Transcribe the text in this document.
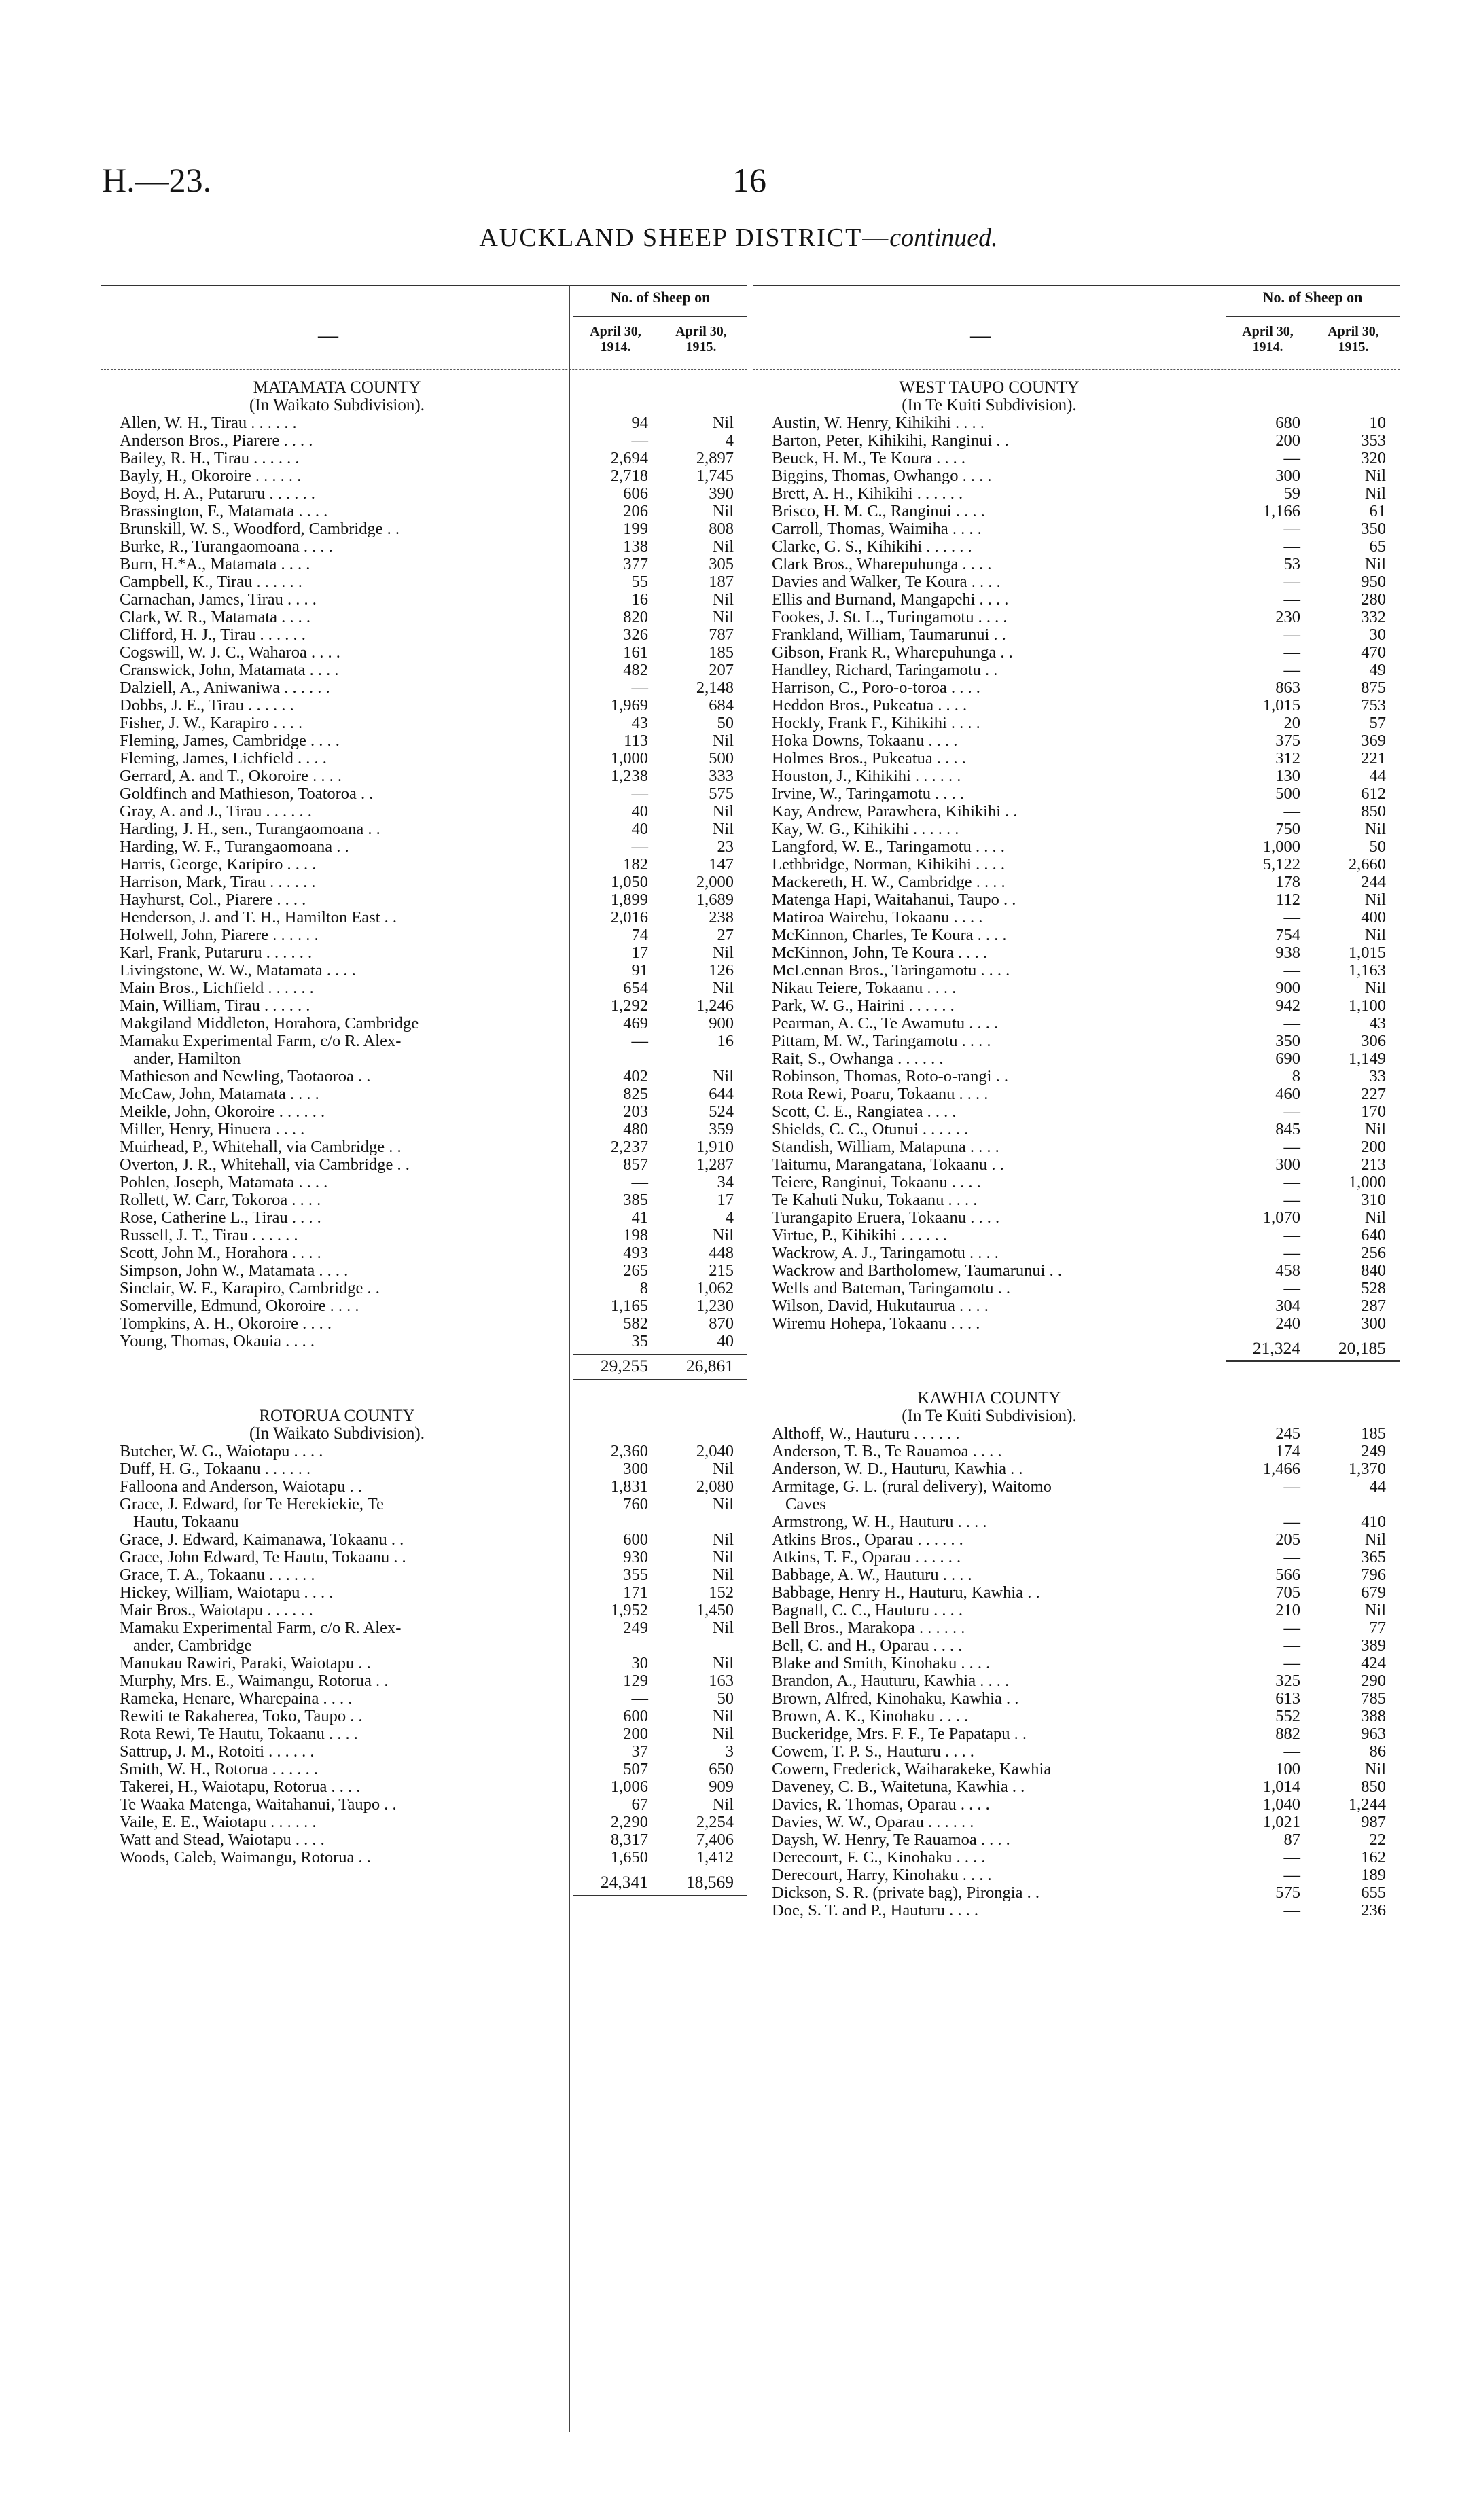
H.—23.	16
AUCKLAND SHEEP DISTRICT—continued.
—
No. of Sheep on
April 30,
1914.
April 30,
1915.
MATAMATA COUNTY
(In Waikato Subdivision).
Allen, W. H., Tirau . . . . . .	94	Nil
Anderson Bros., Piarere . . . .	—	4
Bailey, R. H., Tirau . . . . . .	2,694	2,897
Bayly, H., Okoroire . . . . . .	2,718	1,745
Boyd, H. A., Putaruru . . . . . .	606	390
Brassington, F., Matamata . . . .	206	Nil
Brunskill, W. S., Woodford, Cambridge . .	199	808
Burke, R., Turangaomoana . . . .	138	Nil
Burn, H.*A., Matamata . . . .	377	305
Campbell, K., Tirau . . . . . .	55	187
Carnachan, James, Tirau . . . .	16	Nil
Clark, W. R., Matamata . . . .	820	Nil
Clifford, H. J., Tirau . . . . . .	326	787
Cogswill, W. J. C., Waharoa . . . .	161	185
Cranswick, John, Matamata . . . .	482	207
Dalziell, A., Aniwaniwa . . . . . .	—	2,148
Dobbs, J. E., Tirau . . . . . .	1,969	684
Fisher, J. W., Karapiro . . . .	43	50
Fleming, James, Cambridge . . . .	113	Nil
Fleming, James, Lichfield . . . .	1,000	500
Gerrard, A. and T., Okoroire . . . .	1,238	333
Goldfinch and Mathieson, Toatoroa . .	—	575
Gray, A. and J., Tirau . . . . . .	40	Nil
Harding, J. H., sen., Turangaomoana . .	40	Nil
Harding, W. F., Turangaomoana . .	—	23
Harris, George, Karipiro . . . .	182	147
Harrison, Mark, Tirau . . . . . .	1,050	2,000
Hayhurst, Col., Piarere . . . .	1,899	1,689
Henderson, J. and T. H., Hamilton East . .	2,016	238
Holwell, John, Piarere . . . . . .	74	27
Karl, Frank, Putaruru . . . . . .	17	Nil
Livingstone, W. W., Matamata . . . .	91	126
Main Bros., Lichfield . . . . . .	654	Nil
Main, William, Tirau . . . . . .	1,292	1,246
Makgiland Middleton, Horahora, Cambridge	469	900
Mamaku Experimental Farm, c/o R. Alex-	—	16
ander, Hamilton
Mathieson and Newling, Taotaoroa . .	402	Nil
McCaw, John, Matamata . . . .	825	644
Meikle, John, Okoroire . . . . . .	203	524
Miller, Henry, Hinuera . . . .	480	359
Muirhead, P., Whitehall, via Cambridge . .	2,237	1,910
Overton, J. R., Whitehall, via Cambridge . .	857	1,287
Pohlen, Joseph, Matamata . . . .	—	34
Rollett, W. Carr, Tokoroa . . . .	385	17
Rose, Catherine L., Tirau . . . .	41	4
Russell, J. T., Tirau . . . . . .	198	Nil
Scott, John M., Horahora . . . .	493	448
Simpson, John W., Matamata . . . .	265	215
Sinclair, W. F., Karapiro, Cambridge . .	8	1,062
Somerville, Edmund, Okoroire . . . .	1,165	1,230
Tompkins, A. H., Okoroire . . . .	582	870
Young, Thomas, Okauia . . . .	35	40
29,255	26,861
ROTORUA COUNTY
(In Waikato Subdivision).
Butcher, W. G., Waiotapu . . . .	2,360	2,040
Duff, H. G., Tokaanu . . . . . .	300	Nil
Falloona and Anderson, Waiotapu . .	1,831	2,080
Grace, J. Edward, for Te Herekiekie, Te	760	Nil
Hautu, Tokaanu
Grace, J. Edward, Kaimanawa, Tokaanu . .	600	Nil
Grace, John Edward, Te Hautu, Tokaanu . .	930	Nil
Grace, T. A., Tokaanu . . . . . .	355	Nil
Hickey, William, Waiotapu . . . .	171	152
Mair Bros., Waiotapu . . . . . .	1,952	1,450
Mamaku Experimental Farm, c/o R. Alex-	249	Nil
ander, Cambridge
Manukau Rawiri, Paraki, Waiotapu . .	30	Nil
Murphy, Mrs. E., Waimangu, Rotorua . .	129	163
Rameka, Henare, Wharepaina . . . .	—	50
Rewiti te Rakaherea, Toko, Taupo . .	600	Nil
Rota Rewi, Te Hautu, Tokaanu . . . .	200	Nil
Sattrup, J. M., Rotoiti . . . . . .	37	3
Smith, W. H., Rotorua . . . . . .	507	650
Takerei, H., Waiotapu, Rotorua . . . .	1,006	909
Te Waaka Matenga, Waitahanui, Taupo . .	67	Nil
Vaile, E. E., Waiotapu . . . . . .	2,290	2,254
Watt and Stead, Waiotapu . . . .	8,317	7,406
Woods, Caleb, Waimangu, Rotorua . .	1,650	1,412
24,341	18,569
—
No. of Sheep on
April 30,
1914.
April 30,
1915.
WEST TAUPO COUNTY
(In Te Kuiti Subdivision).
Austin, W. Henry, Kihikihi . . . .	680	10
Barton, Peter, Kihikihi, Ranginui . .	200	353
Beuck, H. M., Te Koura . . . .	—	320
Biggins, Thomas, Owhango . . . .	300	Nil
Brett, A. H., Kihikihi . . . . . .	59	Nil
Brisco, H. M. C., Ranginui . . . .	1,166	61
Carroll, Thomas, Waimiha . . . .	—	350
Clarke, G. S., Kihikihi . . . . . .	—	65
Clark Bros., Wharepuhunga . . . .	53	Nil
Davies and Walker, Te Koura . . . .	—	950
Ellis and Burnand, Mangapehi . . . .	—	280
Fookes, J. St. L., Turingamotu . . . .	230	332
Frankland, William, Taumarunui . .	—	30
Gibson, Frank R., Wharepuhunga . .	—	470
Handley, Richard, Taringamotu . .	—	49
Harrison, C., Poro-o-toroa . . . .	863	875
Heddon Bros., Pukeatua . . . .	1,015	753
Hockly, Frank F., Kihikihi . . . .	20	57
Hoka Downs, Tokaanu . . . .	375	369
Holmes Bros., Pukeatua . . . .	312	221
Houston, J., Kihikihi . . . . . .	130	44
Irvine, W., Taringamotu . . . .	500	612
Kay, Andrew, Parawhera, Kihikihi . .	—	850
Kay, W. G., Kihikihi . . . . . .	750	Nil
Langford, W. E., Taringamotu . . . .	1,000	50
Lethbridge, Norman, Kihikihi . . . .	5,122	2,660
Mackereth, H. W., Cambridge . . . .	178	244
Matenga Hapi, Waitahanui, Taupo . .	112	Nil
Matiroa Wairehu, Tokaanu . . . .	—	400
McKinnon, Charles, Te Koura . . . .	754	Nil
McKinnon, John, Te Koura . . . .	938	1,015
McLennan Bros., Taringamotu . . . .	—	1,163
Nikau Teiere, Tokaanu . . . .	900	Nil
Park, W. G., Hairini . . . . . .	942	1,100
Pearman, A. C., Te Awamutu . . . .	—	43
Pittam, M. W., Taringamotu . . . .	350	306
Rait, S., Owhanga . . . . . .	690	1,149
Robinson, Thomas, Roto-o-rangi . .	8	33
Rota Rewi, Poaru, Tokaanu . . . .	460	227
Scott, C. E., Rangiatea . . . .	—	170
Shields, C. C., Otunui . . . . . .	845	Nil
Standish, William, Matapuna . . . .	—	200
Taitumu, Marangatana, Tokaanu . .	300	213
Teiere, Ranginui, Tokaanu . . . .	—	1,000
Te Kahuti Nuku, Tokaanu . . . .	—	310
Turangapito Eruera, Tokaanu . . . .	1,070	Nil
Virtue, P., Kihikihi . . . . . .	—	640
Wackrow, A. J., Taringamotu . . . .	—	256
Wackrow and Bartholomew, Taumarunui . .	458	840
Wells and Bateman, Taringamotu . .	—	528
Wilson, David, Hukutaurua . . . .	304	287
Wiremu Hohepa, Tokaanu . . . .	240	300
21,324	20,185
KAWHIA COUNTY
(In Te Kuiti Subdivision).
Althoff, W., Hauturu . . . . . .	245	185
Anderson, T. B., Te Rauamoa . . . .	174	249
Anderson, W. D., Hauturu, Kawhia . .	1,466	1,370
Armitage, G. L. (rural delivery), Waitomo	—	44
Caves
Armstrong, W. H., Hauturu . . . .	—	410
Atkins Bros., Oparau . . . . . .	205	Nil
Atkins, T. F., Oparau . . . . . .	—	365
Babbage, A. W., Hauturu . . . .	566	796
Babbage, Henry H., Hauturu, Kawhia . .	705	679
Bagnall, C. C., Hauturu . . . .	210	Nil
Bell Bros., Marakopa . . . . . .	—	77
Bell, C. and H., Oparau . . . .	—	389
Blake and Smith, Kinohaku . . . .	—	424
Brandon, A., Hauturu, Kawhia . . . .	325	290
Brown, Alfred, Kinohaku, Kawhia . .	613	785
Brown, A. K., Kinohaku . . . .	552	388
Buckeridge, Mrs. F. F., Te Papatapu . .	882	963
Cowem, T. P. S., Hauturu . . . .	—	86
Cowern, Frederick, Waiharakeke, Kawhia	100	Nil
Daveney, C. B., Waitetuna, Kawhia . .	1,014	850
Davies, R. Thomas, Oparau . . . .	1,040	1,244
Davies, W. W., Oparau . . . . . .	1,021	987
Daysh, W. Henry, Te Rauamoa . . . .	87	22
Derecourt, F. C., Kinohaku . . . .	—	162
Derecourt, Harry, Kinohaku . . . .	—	189
Dickson, S. R. (private bag), Pirongia . .	575	655
Doe, S. T. and P., Hauturu . . . .	—	236
